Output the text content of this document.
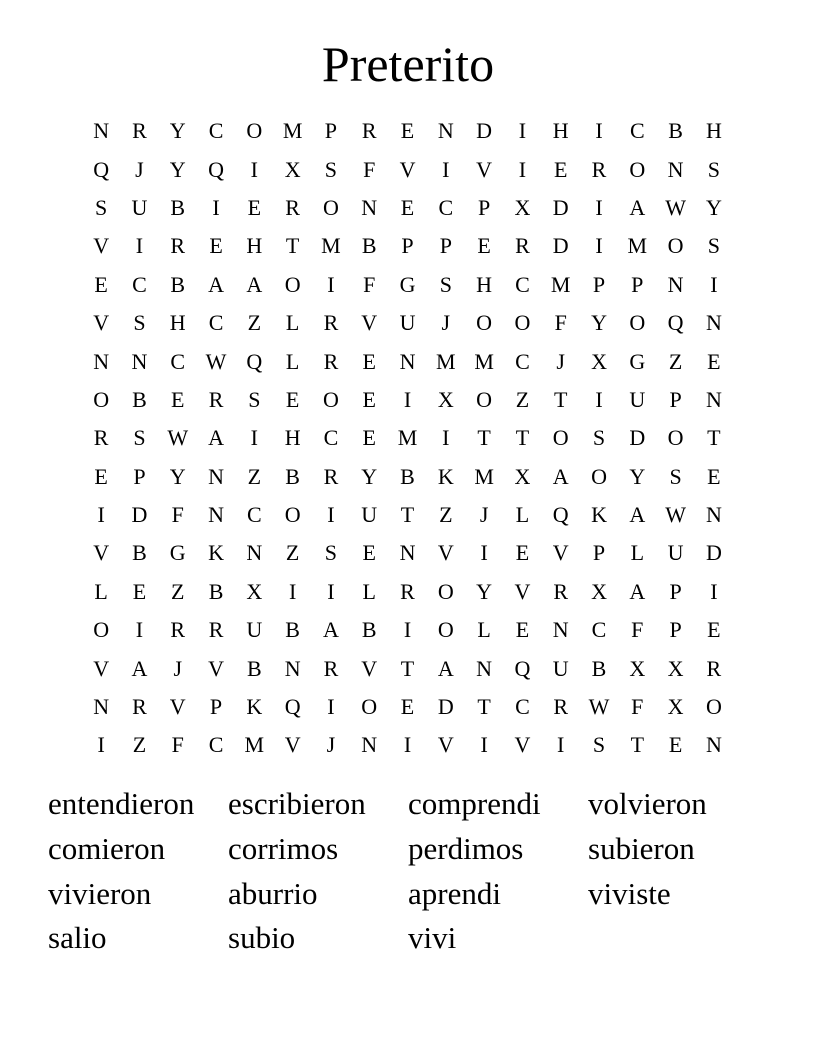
Preterito
N	R	Y	C	O M	P	R	E	N	D	I	H	I	C	B	H
Q	J	Y	Q	I	X	S	F	V	I	V	I	E	R	O	N	S
S	U	B	I	E	R	O	N	E	C	P	X	D	I	A W Y
V	I	R	E	H	T M B	P	P	E	R	D	I	M O	S
E	C	B	A	A	O	I	F	G	S	H	C M	P	P	N	I
V	S	H	C	Z	L	R	V	U	J	O	O	F	Y	O	Q	N
N	N	C W Q	L	R	E	N M M C	J	X	G	Z	E
O	B	E	R	S	E	O	E	I	X	O	Z	T	I	U	P	N
R	S W A	I	H	C	E M	I	T	T	O	S	D	O	T
E	P	Y	N	Z	B	R	Y	B	K M X	A	O	Y	S	E
I	D	F	N	C	O	I	U	T	Z	J	L	Q	K	A W N
V	B	G	K	N	Z	S	E	N	V	I	E	V	P	L	U	D
L	E	Z	B	X	I	I	L	R	O	Y	V	R	X	A	P	I
O	I	R	R	U	B	A	B	I	O	L	E	N	C	F	P	E
V	A	J	V	B	N	R	V	T	A	N	Q	U	B	X	X	R
N	R	V	P	K	Q	I	O	E	D	T	C	R W F	X	O
I	Z	F	C M V	J	N	I	V	I	V	I	S	T	E	N
entendieron	escribieron	comprendi	volvieron
comieron	corrimos	perdimos	subieron
vivieron	aburrio	aprendi	viviste
salio	subio	vivi
